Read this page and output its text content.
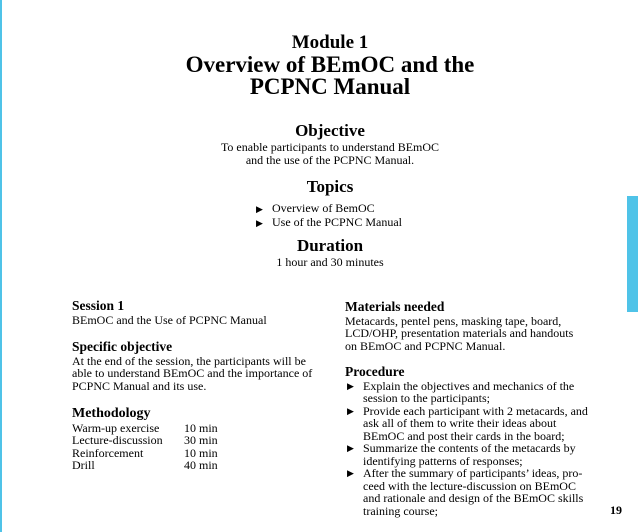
Module 1
Overview of BEmOC and the
PCPNC Manual
Objective
To enable participants to understand BEmOC
and the use of the PCPNC Manual.
Topics
▶ Overview of BemOC
▶ Use of the PCPNC Manual
Duration
1 hour and 30 minutes
Session 1
BEmOC and the Use of PCPNC Manual
Specific objective
At the end of the session, the participants will be
able to understand BEmOC and the importance of
PCPNC Manual and its use.
Methodology
Warm-up exercise	10 min
Lecture-discussion	30 min
Reinforcement	10 min
Drill	40 min
Materials needed
Metacards, pentel pens, masking tape, board,
LCD/OHP, presentation materials and handouts
on BEmOC and PCPNC Manual.
Procedure
▶ Explain the objectives and mechanics of the
session to the participants;
▶ Provide each participant with 2 metacards, and
ask all of them to write their ideas about
BEmOC and post their cards in the board;
▶ Summarize the contents of the metacards by
identifying patterns of responses;
▶ After the summary of participants’ ideas, pro-
ceed with the lecture-discussion on BEmOC
and rationale and design of the BEmOC skills
training course;	19
